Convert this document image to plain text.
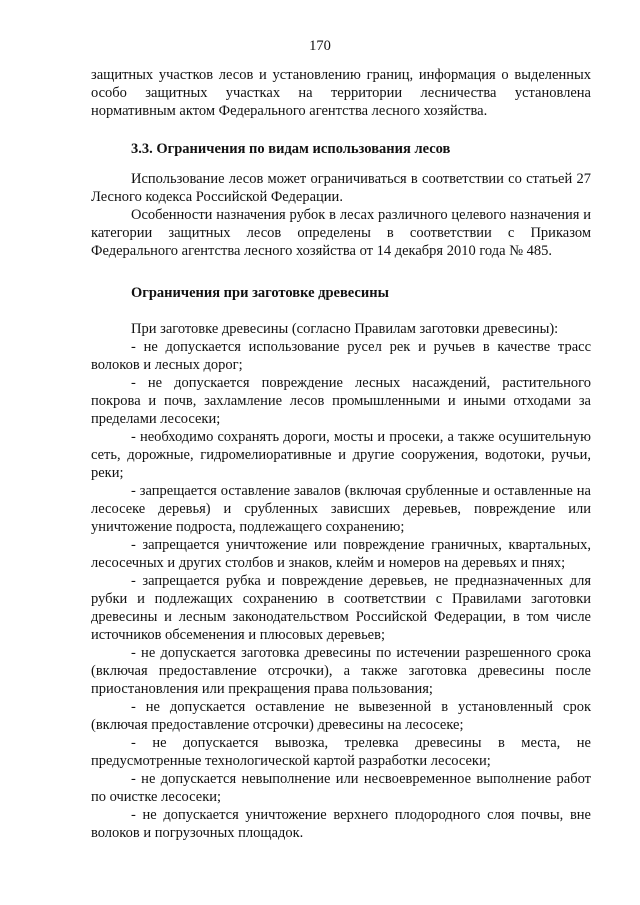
170

защитных участков лесов и установлению границ, информация о выделенных особо защитных участках на территории лесничества установлена нормативным актом Федерального агентства лесного хозяйства.

3.3. Ограничения по видам использования лесов

Использование лесов может ограничиваться в соответствии со статьей 27 Лесного кодекса Российской Федерации.

Особенности назначения рубок в лесах различного целевого назначения и категории защитных лесов определены в соответствии с Приказом Федерального агентства лесного хозяйства от 14 декабря 2010 года № 485.

Ограничения при заготовке древесины

При заготовке древесины (согласно Правилам заготовки древесины):

- не допускается использование русел рек и ручьев в качестве трасс волоков и лесных дорог;

- не допускается повреждение лесных насаждений, растительного покрова и почв, захламление лесов промышленными и иными отходами за пределами лесосеки;

- необходимо сохранять дороги, мосты и просеки, а также осушительную сеть, дорожные, гидромелиоративные и другие сооружения, водотоки, ручьи, реки;

- запрещается оставление завалов (включая срубленные и оставленные на лесосеке деревья) и срубленных зависших деревьев, повреждение или уничтожение подроста, подлежащего сохранению;

- запрещается уничтожение или повреждение граничных, квартальных, лесосечных и других столбов и знаков, клейм и номеров на деревьях и пнях;

- запрещается рубка и повреждение деревьев, не предназначенных для рубки и подлежащих сохранению в соответствии с Правилами заготовки древесины и лесным законодательством Российской Федерации, в том числе источников обсеменения и плюсовых деревьев;

- не допускается заготовка древесины по истечении разрешенного срока (включая предоставление отсрочки), а также заготовка древесины после приостановления или прекращения права пользования;

- не допускается оставление не вывезенной в установленный срок (включая предоставление отсрочки) древесины на лесосеке;

- не допускается вывозка, трелевка древесины в места, не предусмотренные технологической картой разработки лесосеки;

- не допускается невыполнение или несвоевременное выполнение работ по очистке лесосеки;

- не допускается уничтожение верхнего плодородного слоя почвы, вне волоков и погрузочных площадок.
